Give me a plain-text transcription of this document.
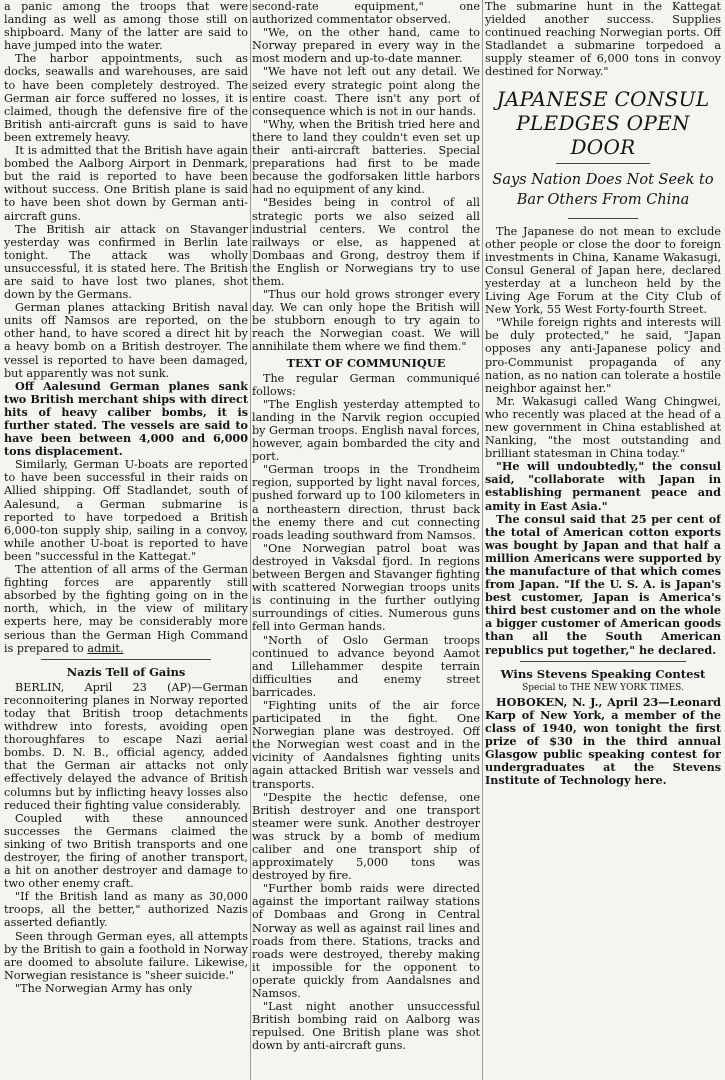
a panic among the troops that were landing as well as among those still on shipboard. Many of the latter are said to have jumped into the water.

The harbor appointments, such as docks, seawalls and warehouses, are said to have been completely destroyed. The German air force suffered no losses, it is claimed, though the defensive fire of the British anti-aircraft guns is said to have been extremely heavy.

It is admitted that the British have again bombed the Aalborg Airport in Denmark, but the raid is reported to have been without success. One British plane is said to have been shot down by German anti-aircraft guns.

The British air attack on Stavanger yesterday was confirmed in Berlin late tonight. The attack was wholly unsuccessful, it is stated here. The British are said to have lost two planes, shot down by the Germans.

German planes attacking British naval units off Namsos are reported, on the other hand, to have scored a direct hit by a heavy bomb on a British destroyer. The vessel is reported to have been damaged, but apparently was not sunk.

Off Aalesund German planes sank two British merchant ships with direct hits of heavy caliber bombs, it is further stated. The vessels are said to have been between 4,000 and 6,000 tons displacement.

Similarly, German U-boats are reported to have been successful in their raids on Allied shipping. Off Stadlandet, south of Aalesund, a German submarine is reported to have torpedoed a British 6,000-ton supply ship, sailing in a convoy, while another U-boat is reported to have been "successful in the Kattegat."

The attention of all arms of the German fighting forces are apparently still absorbed by the fighting going on in the north, which, in the view of military experts here, may be considerably more serious than the German High Command is prepared to admit.

Nazis Tell of Gains

BERLIN, April 23 (AP)—German reconnoitering planes in Norway reported today that British troop detachments withdrew into forests, avoiding open thoroughfares to escape Nazi aerial bombs. D. N. B., official agency, added that the German air attacks not only effectively delayed the advance of British columns but by inflicting heavy losses also reduced their fighting value considerably.

Coupled with these announced successes the Germans claimed the sinking of two British transports and one destroyer, the firing of another transport, a hit on another destroyer and damage to two other enemy craft.

"If the British land as many as 30,000 troops, all the better," authorized Nazis asserted defiantly.

Seen through German eyes, all attempts by the British to gain a foothold in Norway are doomed to absolute failure. Likewise, Norwegian resistance is "sheer suicide."

"The Norwegian Army has only

second-rate equipment," one authorized commentator observed.

"We, on the other hand, came to Norway prepared in every way in the most modern and up-to-date manner.

"We have not left out any detail. We seized every strategic point along the entire coast. There isn't any port of consequence which is not in our hands.

"Why, when the British tried here and there to land they couldn't even set up their anti-aircraft batteries. Special preparations had first to be made because the godforsaken little harbors had no equipment of any kind.

"Besides being in control of all strategic ports we also seized all industrial centers. We control the railways or else, as happened at Dombaas and Grong, destroy them if the English or Norwegians try to use them.

"Thus our hold grows stronger every day. We can only hope the British will be stubborn enough to try again to reach the Norwegian coast. We will annihilate them where we find them."

TEXT OF COMMUNIQUE

The regular German communiqué follows:

"The English yesterday attempted to landing in the Narvik region occupied by German troops. English naval forces, however, again bombarded the city and port.

"German troops in the Trondheim region, supported by light naval forces, pushed forward up to 100 kilometers in a northeastern direction, thrust back the enemy there and cut connecting roads leading southward from Namsos.

"One Norwegian patrol boat was destroyed in Vaksdal fjord. In regions between Bergen and Stavanger fighting with scattered Norwegian troops units is continuing in the further outlying surroundings of cities. Numerous guns fell into German hands.

"North of Oslo German troops continued to advance beyond Aamot and Lillehammer despite terrain difficulties and enemy street barricades.

"Fighting units of the air force participated in the fight. One Norwegian plane was destroyed. Off the Norwegian west coast and in the vicinity of Aandalsnes fighting units again attacked British war vessels and transports.

"Despite the hectic defense, one British destroyer and one transport steamer were sunk. Another destroyer was struck by a bomb of medium caliber and one transport ship of approximately 5,000 tons was destroyed by fire.

"Further bomb raids were directed against the important railway stations of Dombaas and Grong in Central Norway as well as against rail lines and roads from there. Stations, tracks and roads were destroyed, thereby making it impossible for the opponent to operate quickly from Aandalsnes and Namsos.

"Last night another unsuccessful British bombing raid on Aalborg was repulsed. One British plane was shot down by anti-aircraft guns.

The submarine hunt in the Kattegat yielded another success. Supplies continued reaching Norwegian ports. Off Stadlandet a submarine torpedoed a supply steamer of 6,000 tons in convoy destined for Norway."

JAPANESE CONSUL
PLEDGES OPEN DOOR
Says Nation Does Not Seek to
Bar Others From China

The Japanese do not mean to exclude other people or close the door to foreign investments in China, Kaname Wakasugi, Consul General of Japan here, declared yesterday at a luncheon held by the Living Age Forum at the City Club of New York, 55 West Forty-fourth Street.

"While foreign rights and interests will be duly protected," he said, "Japan opposes any anti-Japanese policy and pro-Communist propaganda of any nation, as no nation can tolerate a hostile neighbor against her."

Mr. Wakasugi called Wang Chingwei, who recently was placed at the head of a new government in China established at Nanking, "the most outstanding and brilliant statesman in China today."

"He will undoubtedly," the consul said, "collaborate with Japan in establishing permanent peace and amity in East Asia."

The consul said that 25 per cent of the total of American cotton exports was bought by Japan and that half a million Americans were supported by the manufacture of that which comes from Japan. "If the U. S. A. is Japan's best customer, Japan is America's third best customer and on the whole a bigger customer of American goods than all the South American republics put together," he declared.

Wins Stevens Speaking Contest
Special to THE NEW YORK TIMES.

HOBOKEN, N. J., April 23—Leonard Karp of New York, a member of the class of 1940, won tonight the first prize of $30 in the third annual Glasgow public speaking contest for undergraduates at the Stevens Institute of Technology here.
